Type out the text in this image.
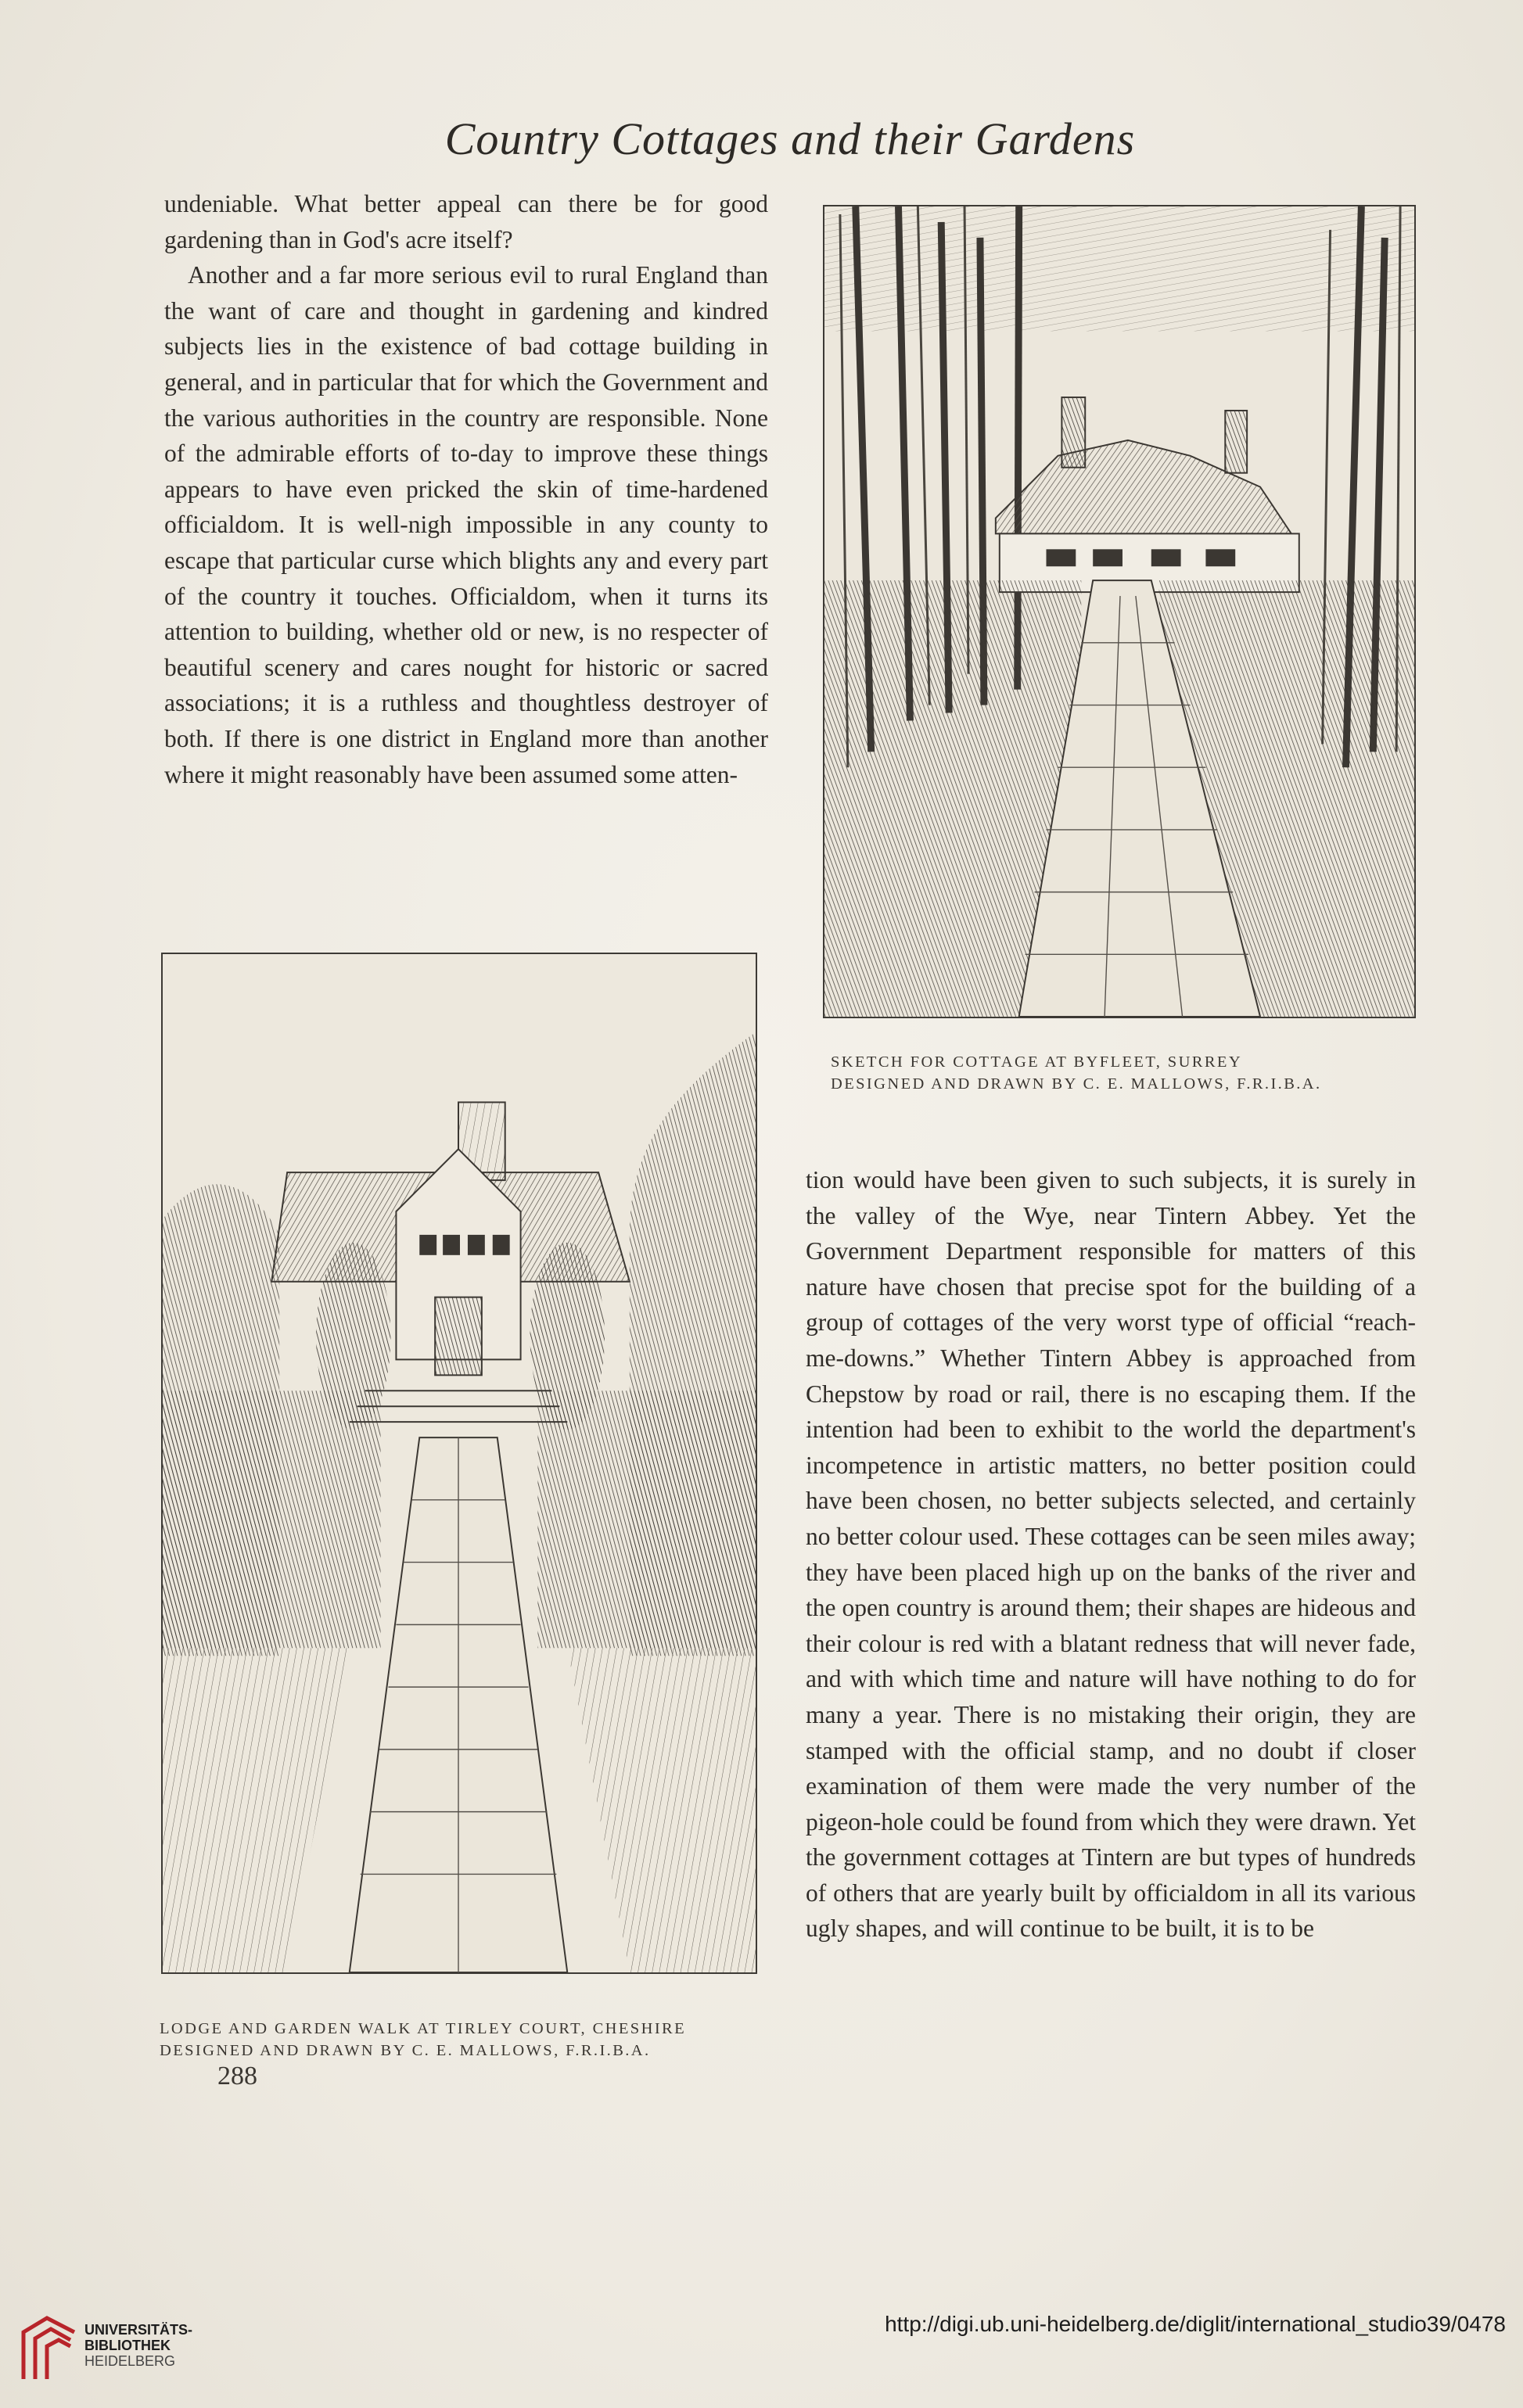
Country Cottages and their Gardens

undeniable. What better appeal can there be for good gardening than in God's acre itself?

Another and a far more serious evil to rural England than the want of care and thought in gardening and kindred subjects lies in the existence of bad cottage building in general, and in particular that for which the Government and the various authorities in the country are responsible. None of the admirable efforts of to-day to improve these things appears to have even pricked the skin of time-hardened officialdom. It is well-nigh impossible in any county to escape that particular curse which blights any and every part of the country it touches. Officialdom, when it turns its attention to building, whether old or new, is no respecter of beautiful scenery and cares nought for historic or sacred associations; it is a ruthless and thoughtless destroyer of both. If there is one district in England more than another where it might reasonably have been assumed some atten-

SKETCH FOR COTTAGE AT BYFLEET, SURREY
DESIGNED AND DRAWN BY C. E. MALLOWS, F.R.I.B.A.
LODGE AND GARDEN WALK AT TIRLEY COURT, CHESHIRE
DESIGNED AND DRAWN BY C. E. MALLOWS, F.R.I.B.A.
288

tion would have been given to such subjects, it is surely in the valley of the Wye, near Tintern Abbey. Yet the Government Department responsible for matters of this nature have chosen that precise spot for the building of a group of cottages of the very worst type of official “reach-me-downs.” Whether Tintern Abbey is approached from Chepstow by road or rail, there is no escaping them. If the intention had been to exhibit to the world the department's incompetence in artistic matters, no better position could have been chosen, no better subjects selected, and certainly no better colour used. These cottages can be seen miles away; they have been placed high up on the banks of the river and the open country is around them; their shapes are hideous and their colour is red with a blatant redness that will never fade, and with which time and nature will have nothing to do for many a year. There is no mistaking their origin, they are stamped with the official stamp, and no doubt if closer examination of them were made the very number of the pigeon-hole could be found from which they were drawn. Yet the government cottages at Tintern are but types of hundreds of others that are yearly built by officialdom in all its various ugly shapes, and will continue to be built, it is to be

UNIVERSITÄTS-
BIBLIOTHEK
HEIDELBERG
http://digi.ub.uni-heidelberg.de/diglit/international_studio39/0478
